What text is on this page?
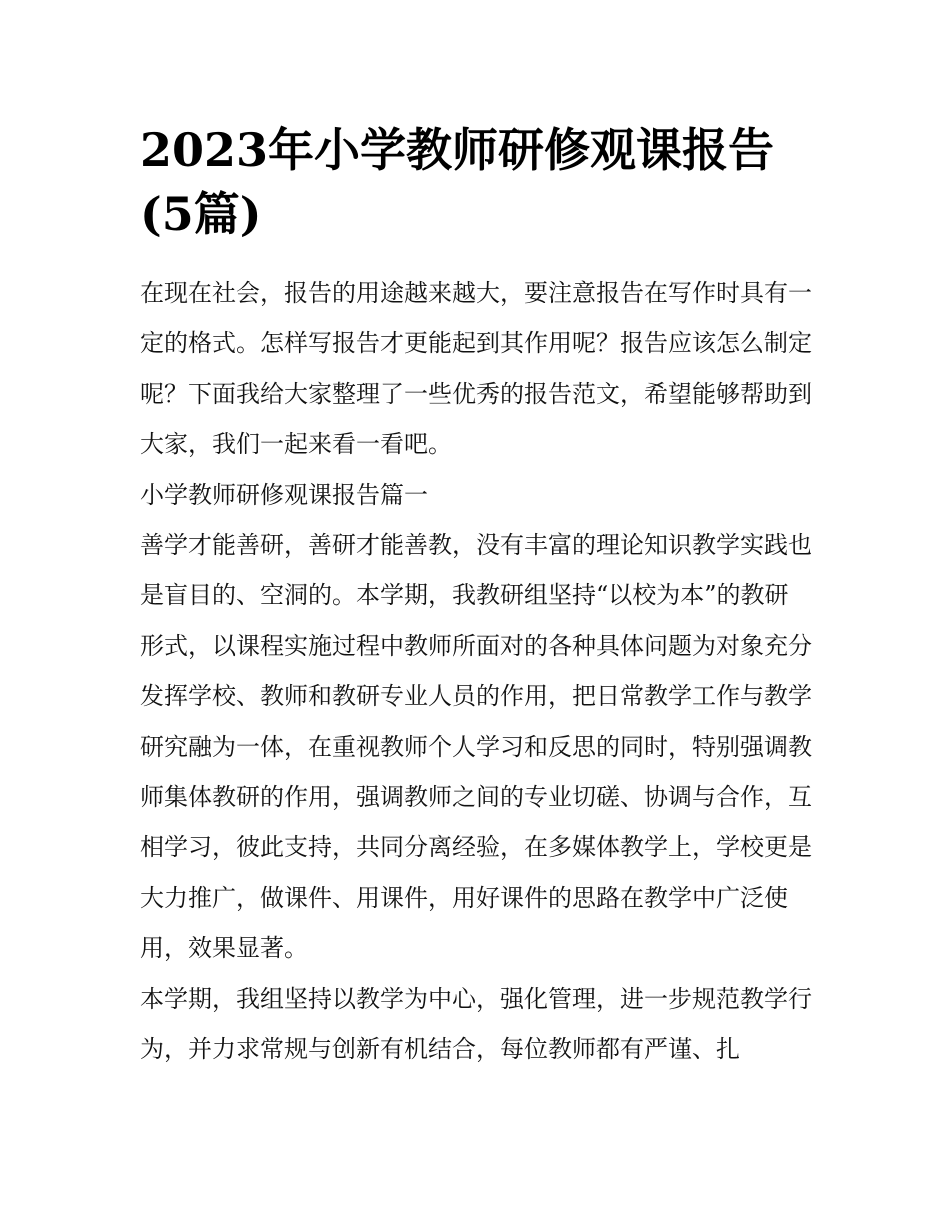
2023年小学教师研修观课报告(5篇)

在现在社会，报告的用途越来越大，要注意报告在写作时具有一定的格式。怎样写报告才更能起到其作用呢？报告应该怎么制定呢？下面我给大家整理了一些优秀的报告范文，希望能够帮助到大家，我们一起来看一看吧。

小学教师研修观课报告篇一

善学才能善研，善研才能善教，没有丰富的理论知识教学实践也是盲目的、空洞的。本学期，我教研组坚持“以校为本”的教研形式，以课程实施过程中教师所面对的各种具体问题为对象充分发挥学校、教师和教研专业人员的作用，把日常教学工作与教学研究融为一体，在重视教师个人学习和反思的同时，特别强调教师集体教研的作用，强调教师之间的专业切磋、协调与合作，互相学习，彼此支持，共同分离经验，在多媒体教学上，学校更是大力推广，做课件、用课件，用好课件的思路在教学中广泛使用，效果显著。

本学期，我组坚持以教学为中心，强化管理，进一步规范教学行为，并力求常规与创新有机结合，每位教师都有严谨、扎
